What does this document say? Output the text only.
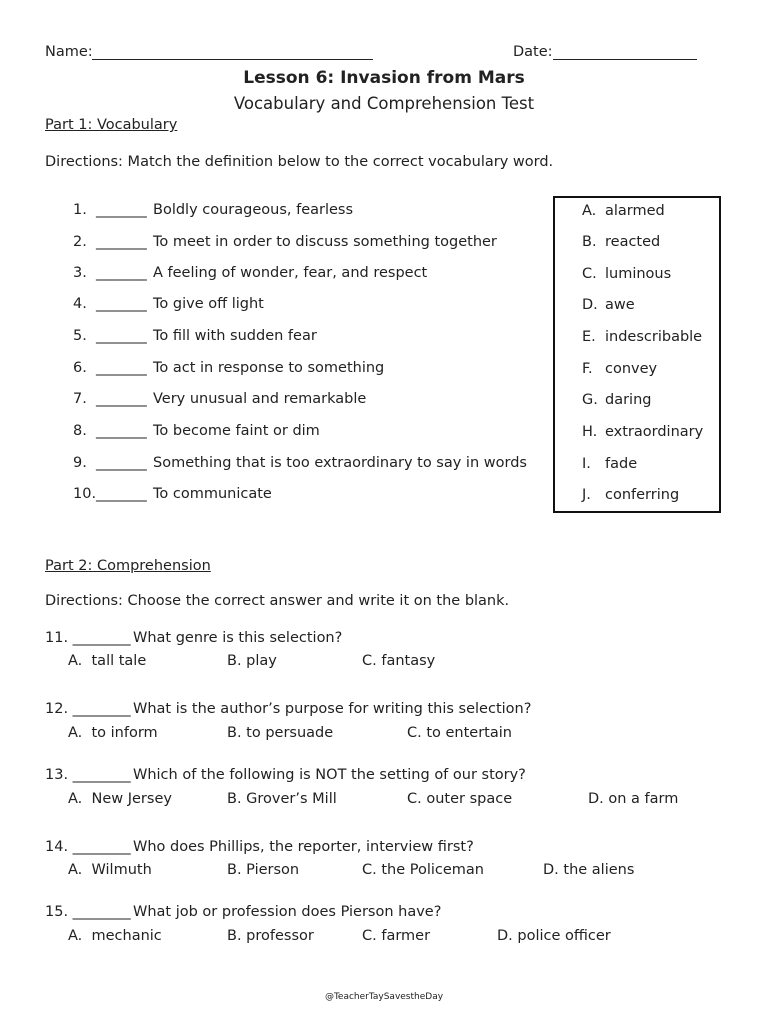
Name:	Date:
Lesson 6: Invasion from Mars
Vocabulary and Comprehension Test
Part 1: Vocabulary
Directions: Match the definition below to the correct vocabulary word.
1. _______ Boldly courageous, fearless
2. _______ To meet in order to discuss something together
3. _______ A feeling of wonder, fear, and respect
4. _______ To give off light
5. _______ To fill with sudden fear
6. _______ To act in response to something
7. _______ Very unusual and remarkable
8. _______ To become faint or dim
9. _______ Something that is too extraordinary to say in words
10. _______ To communicate
A. alarmed
B. reacted
C. luminous
D. awe
E. indescribable
F. convey
G. daring
H. extraordinary
I. fade
J. conferring
Part 2: Comprehension
Directions: Choose the correct answer and write it on the blank.
11. ________ What genre is this selection?
A.  tall tale	B. play	C. fantasy
12. ________ What is the author’s purpose for writing this selection?
A.  to inform	B. to persuade	C. to entertain
13. ________ Which of the following is NOT the setting of our story?
A.  New Jersey	B. Grover’s Mill	C. outer space	D. on a farm
14. ________ Who does Phillips, the reporter, interview first?
A.  Wilmuth	B. Pierson	C. the Policeman	D. the aliens
15. ________ What job or profession does Pierson have?
A.  mechanic	B. professor	C. farmer	D. police officer
@TeacherTaySavestheDay
